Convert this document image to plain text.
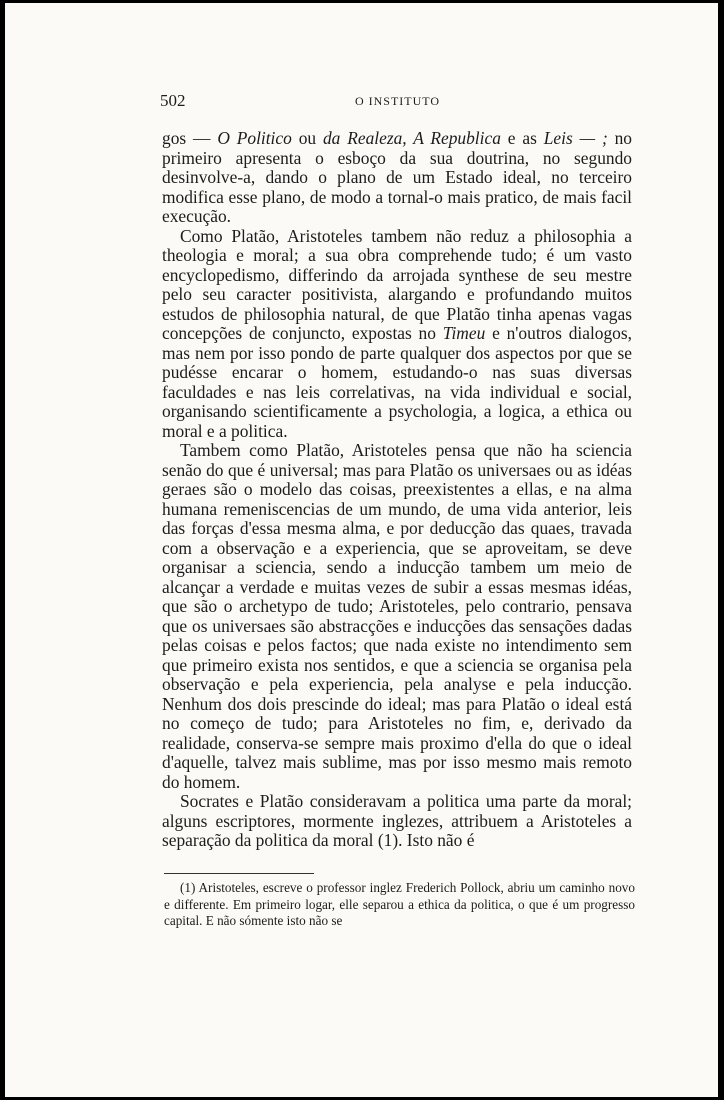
502	O INSTITUTO

gos — O Politico ou da Realeza, A Republica e as Leis — ; no primeiro apresenta o esboço da sua doutrina, no segundo desinvolve-a, dando o plano de um Estado ideal, no terceiro modifica esse plano, de modo a tornal-o mais pratico, de mais facil execução.

Como Platão, Aristoteles tambem não reduz a philosophia a theologia e moral; a sua obra comprehende tudo; é um vasto encyclopedismo, differindo da arrojada synthese de seu mestre pelo seu caracter positivista, alargando e profundando muitos estudos de philosophia natural, de que Platão tinha apenas vagas concepções de conjuncto, expostas no Timeu e n'outros dialogos, mas nem por isso pondo de parte qualquer dos aspectos por que se pudésse encarar o homem, estudando-o nas suas diversas faculdades e nas leis correlativas, na vida individual e social, organisando scientificamente a psychologia, a logica, a ethica ou moral e a politica.

Tambem como Platão, Aristoteles pensa que não ha sciencia senão do que é universal; mas para Platão os universaes ou as idéas geraes são o modelo das coisas, preexistentes a ellas, e na alma humana remeniscencias de um mundo, de uma vida anterior, leis das forças d'essa mesma alma, e por deducção das quaes, travada com a observação e a experiencia, que se aproveitam, se deve organisar a sciencia, sendo a inducção tambem um meio de alcançar a verdade e muitas vezes de subir a essas mesmas idéas, que são o archetypo de tudo; Aristoteles, pelo contrario, pensava que os universaes são abstracções e inducções das sensações dadas pelas coisas e pelos factos; que nada existe no intendimento sem que primeiro exista nos sentidos, e que a sciencia se organisa pela observação e pela experiencia, pela analyse e pela inducção. Nenhum dos dois prescinde do ideal; mas para Platão o ideal está no começo de tudo; para Aristoteles no fim, e, derivado da realidade, conserva-se sempre mais proximo d'ella do que o ideal d'aquelle, talvez mais sublime, mas por isso mesmo mais remoto do homem.

Socrates e Platão consideravam a politica uma parte da moral; alguns escriptores, mormente inglezes, attribuem a Aristoteles a separação da politica da moral (1). Isto não é

(1) Aristoteles, escreve o professor inglez Frederich Pollock, abriu um caminho novo e differente. Em primeiro logar, elle separou a ethica da politica, o que é um progresso capital. E não sómente isto não se
